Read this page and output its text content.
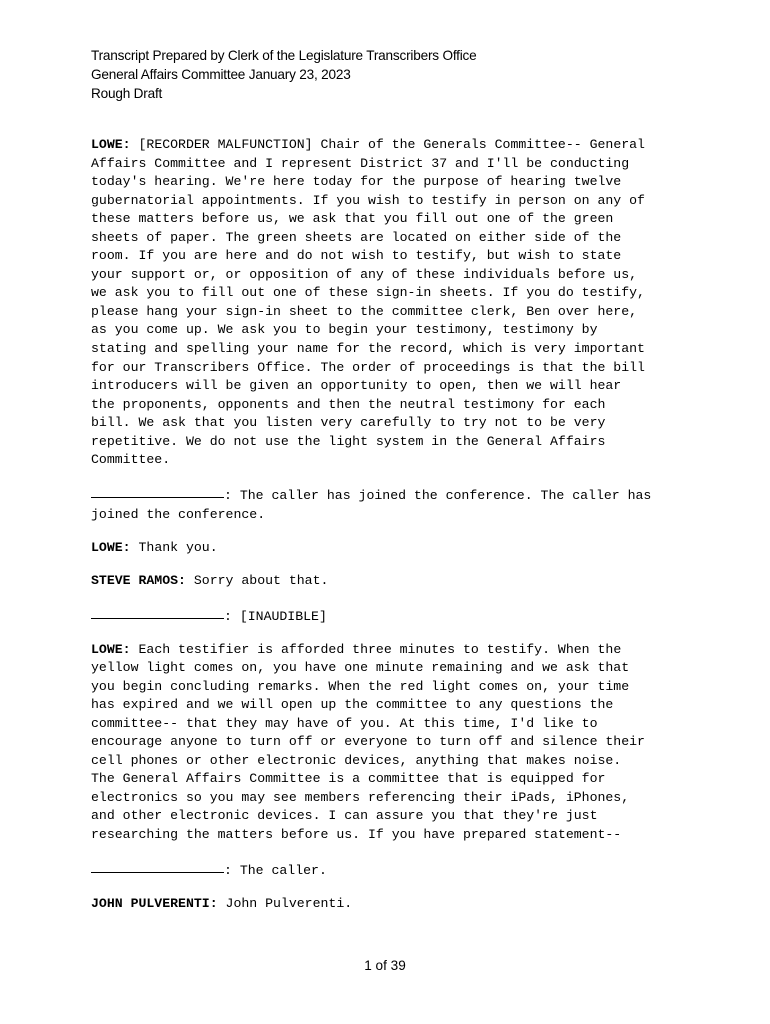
Transcript Prepared by Clerk of the Legislature Transcribers Office
General Affairs Committee January 23, 2023
Rough Draft

LOWE: [RECORDER MALFUNCTION] Chair of the Generals Committee-- General
Affairs Committee and I represent District 37 and I'll be conducting
today's hearing. We're here today for the purpose of hearing twelve
gubernatorial appointments. If you wish to testify in person on any of
these matters before us, we ask that you fill out one of the green
sheets of paper. The green sheets are located on either side of the
room. If you are here and do not wish to testify, but wish to state
your support or, or opposition of any of these individuals before us,
we ask you to fill out one of these sign-in sheets. If you do testify,
please hang your sign-in sheet to the committee clerk, Ben over here,
as you come up. We ask you to begin your testimony, testimony by
stating and spelling your name for the record, which is very important
for our Transcribers Office. The order of proceedings is that the bill
introducers will be given an opportunity to open, then we will hear
the proponents, opponents and then the neutral testimony for each
bill. We ask that you listen very carefully to try not to be very
repetitive. We do not use the light system in the General Affairs
Committee.

: The caller has joined the conference. The caller has
joined the conference.

LOWE: Thank you.

STEVE RAMOS: Sorry about that.

: [INAUDIBLE]

LOWE: Each testifier is afforded three minutes to testify. When the
yellow light comes on, you have one minute remaining and we ask that
you begin concluding remarks. When the red light comes on, your time
has expired and we will open up the committee to any questions the
committee-- that they may have of you. At this time, I'd like to
encourage anyone to turn off or everyone to turn off and silence their
cell phones or other electronic devices, anything that makes noise.
The General Affairs Committee is a committee that is equipped for
electronics so you may see members referencing their iPads, iPhones,
and other electronic devices. I can assure you that they're just
researching the matters before us. If you have prepared statement--

: The caller.

JOHN PULVERENTI: John Pulverenti.

1 of 39
